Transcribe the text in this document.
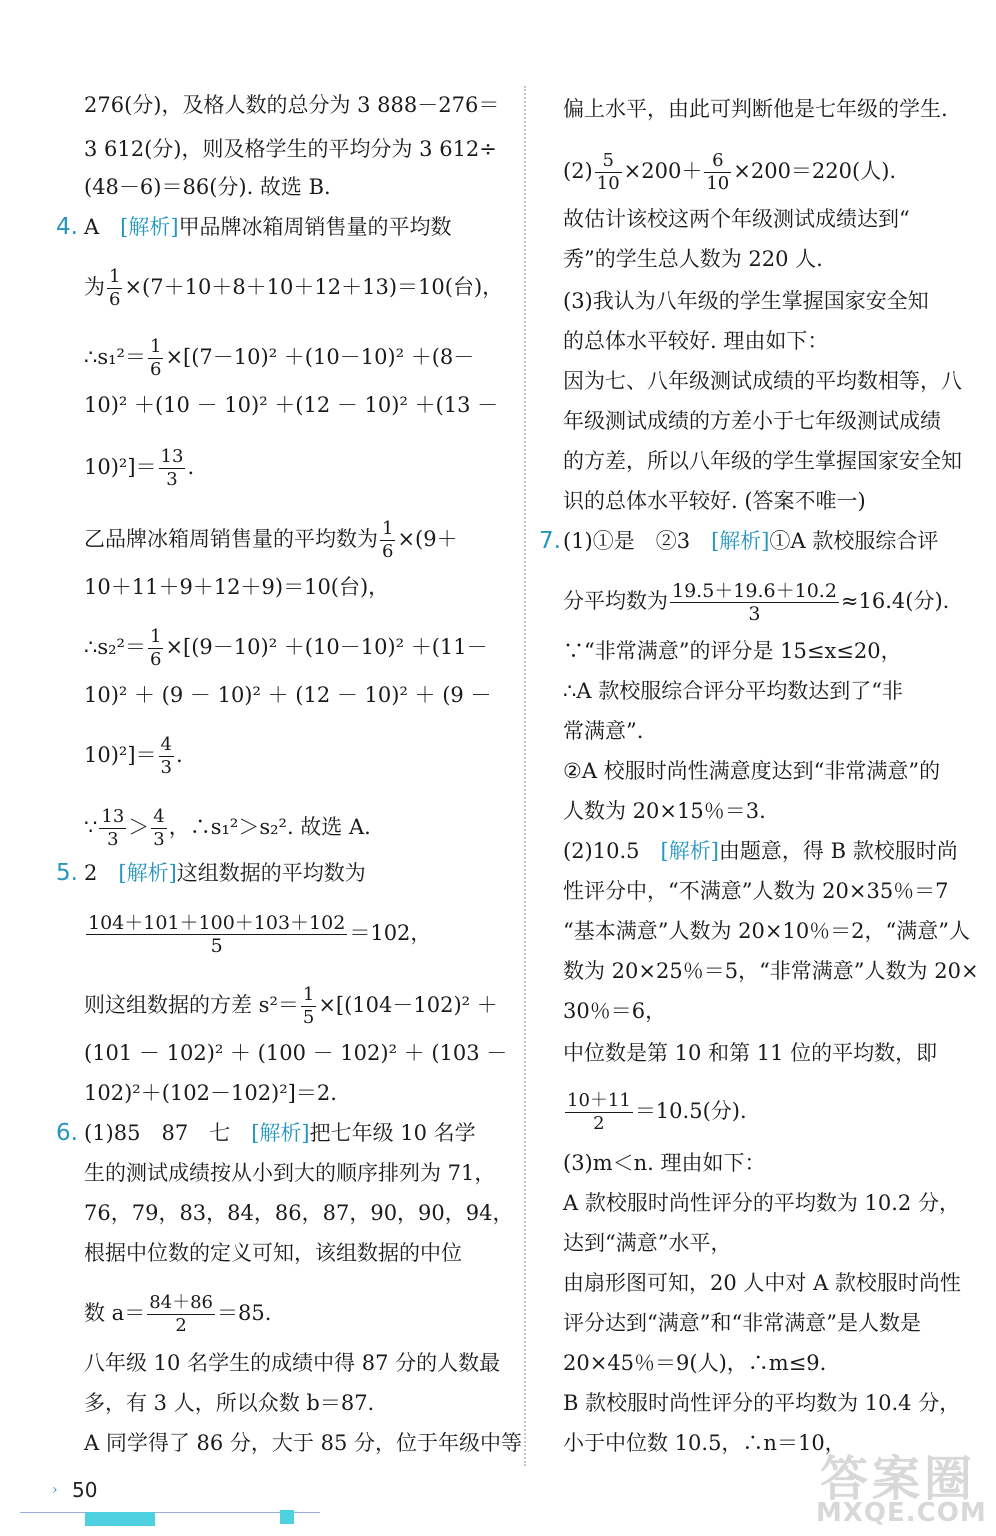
276(分)，及格人数的总分为 3 888－276＝
3 612(分)，则及格学生的平均分为 3 612÷
(48－6)＝86(分). 故选 B.
4. A　[解析]甲品牌冰箱周销售量的平均数
为 $\frac{1}{6} \times(7+10+8+10+12+13)=10$(台)，
∴s₁²＝ $\frac{1}{6} \times[(7-10)^2 +(10-10)^2 +(8-$
10)² ＋(10 － 10)² ＋(12 － 10)² ＋(13 －
$10)^2]= \frac{13}{3}$ .
乙品牌冰箱周销售量的平均数为 $\frac{1}{6} \times(9+$
10＋11＋9＋12＋9)＝10(台)，
∴s₂²＝ $\frac{1}{6} \times[(9-10)^2 +(10-10)^2 +(11-$
10)² ＋ (9 － 10)² ＋ (12 － 10)² ＋ (9 －
$10)^2]= \frac{4}{3}$ .
∵ $\frac{13}{3} > \frac{4}{3}$ ，∴s₁²＞s₂². 故选 A.
5. 2　[解析]这组数据的平均数为
$\frac{104+101+100+103+102}{5} =102$，
则这组数据的方差 $s^2= \frac{1}{5} \times[(104-102)^2$ ＋
(101 － 102)² ＋ (100 － 102)² ＋ (103 －
102)²＋(102－102)²]＝2.
6. (1)85　87　七　[解析]把七年级 10 名学
生的测试成绩按从小到大的顺序排列为 71，
76，79，83，84，86，87，90，90，94，
根据中位数的定义可知，该组数据的中位
数 $a= \frac{84+86}{2} =85$.
八年级 10 名学生的成绩中得 87 分的人数最
多，有 3 人，所以众数 b＝87.
A 同学得了 86 分，大于 85 分，位于年级中等
偏上水平，由此可判断他是七年级的学生.
$(2) \frac{5}{10} \times 200+ \frac{6}{10} \times 200=220$(人).
故估计该校这两个年级测试成绩达到“
秀”的学生总人数为 220 人.
(3)我认为八年级的学生掌握国家安全知
的总体水平较好. 理由如下：
因为七、八年级测试成绩的平均数相等，八
年级测试成绩的方差小于七年级测试成绩
的方差，所以八年级的学生掌握国家安全知
识的总体水平较好. (答案不唯一)
7. (1)①是　②3　[解析]①A 款校服综合评
分平均数为 $\frac{19.5+19.6+10.2}{3} \approx 16.4$(分).
∵“非常满意”的评分是 15≤x≤20，
∴A 款校服综合评分平均数达到了“非
常满意”.
②A 校服时尚性满意度达到“非常满意”的
人数为 20×15％＝3.
(2)10.5　[解析]由题意，得 B 款校服时尚
性评分中，“不满意”人数为 20×35％＝7
“基本满意”人数为 20×10％＝2，“满意”人
数为 20×25％＝5，“非常满意”人数为 20×
30％＝6，
中位数是第 10 和第 11 位的平均数，即
$\frac{10+11}{2} =10.5$(分).
(3)m＜n. 理由如下：
A 款校服时尚性评分的平均数为 10.2 分，
达到“满意”水平，
由扇形图可知，20 人中对 A 款校服时尚性
评分达到“满意”和“非常满意”是人数是
20×45％＝9(人)，∴m≤9.
B 款校服时尚性评分的平均数为 10.4 分，
小于中位数 10.5，∴n＝10，
› 50	答案圈
MXQE.COM
